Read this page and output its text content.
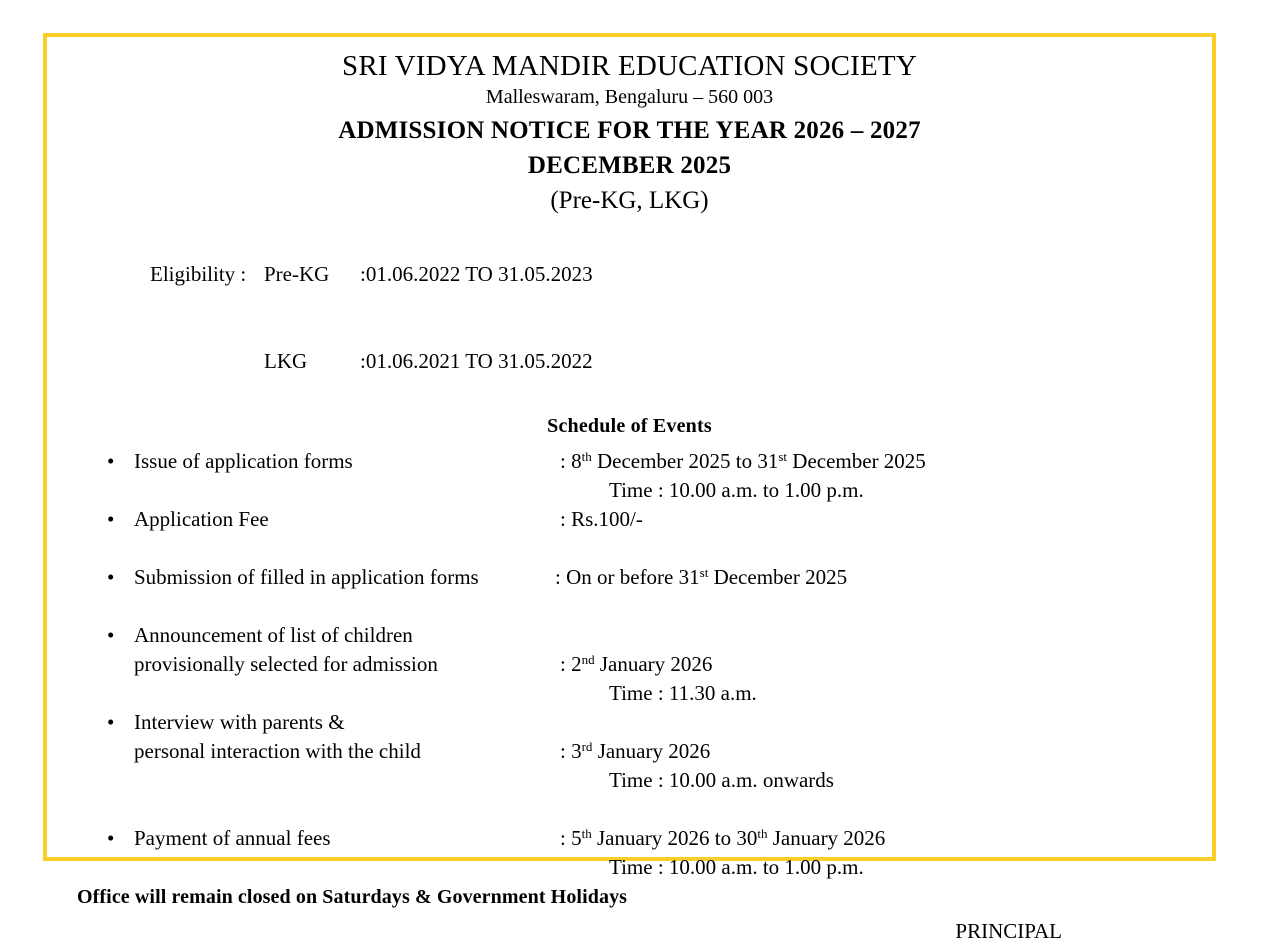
SRI VIDYA MANDIR EDUCATION SOCIETY
Malleswaram, Bengaluru – 560 003
ADMISSION NOTICE FOR THE YEAR 2026 – 2027
DECEMBER 2025
(Pre-KG, LKG)

Eligibility : Pre-KG :01.06.2022 TO 31.05.2023

LKG	:01.06.2021 TO 31.05.2022

Schedule of Events
• Issue of application forms	: 8th December 2025 to 31st December 2025
Time : 10.00 a.m. to 1.00 p.m.
• Application Fee	: Rs.100/-
• Submission of filled in application forms	: On or before 31st December 2025
• Announcement of list of children
provisionally selected for admission	: 2nd January 2026
Time : 11.30 a.m.
• Interview with parents &
personal interaction with the child	: 3rd January 2026
Time : 10.00 a.m. onwards
• Payment of annual fees	: 5th January 2026 to 30th January 2026
Time : 10.00 a.m. to 1.00 p.m.
Office will remain closed on Saturdays & Government Holidays
PRINCIPAL
